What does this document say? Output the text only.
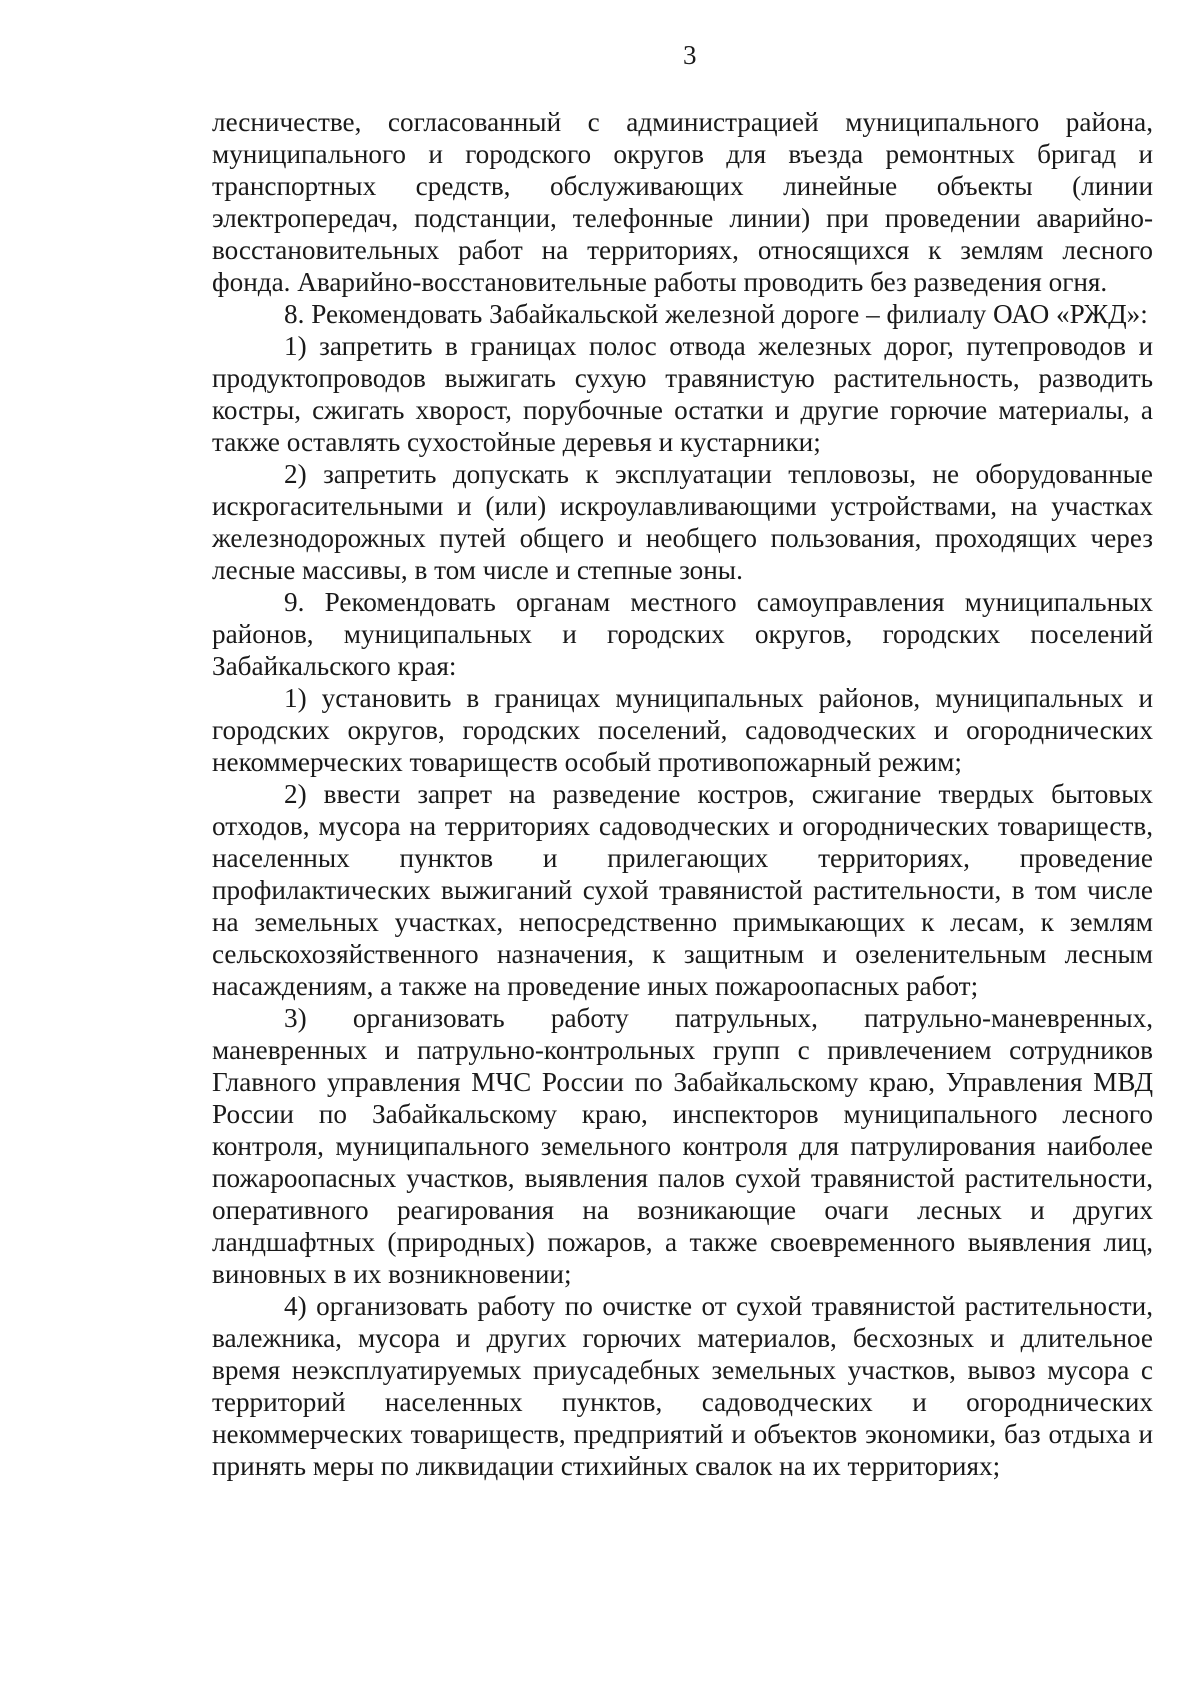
3

лесничестве, согласованный с администрацией муниципального района, муниципального и городского округов для въезда ремонтных бригад и транспортных средств, обслуживающих линейные объекты (линии электропередач, подстанции, телефонные линии) при проведении аварийно-восстановительных работ на территориях, относящихся к землям лесного фонда. Аварийно-восстановительные работы проводить без разведения огня.

8. Рекомендовать Забайкальской железной дороге – филиалу ОАО «РЖД»:

1) запретить в границах полос отвода железных дорог, путепроводов и продуктопроводов выжигать сухую травянистую растительность, разводить костры, сжигать хворост, порубочные остатки и другие горючие материалы, а также оставлять сухостойные деревья и кустарники;

2) запретить допускать к эксплуатации тепловозы, не оборудованные искрогасительными и (или) искроулавливающими устройствами, на участках железнодорожных путей общего и необщего пользования, проходящих через лесные массивы, в том числе и степные зоны.

9. Рекомендовать органам местного самоуправления муниципальных районов, муниципальных и городских округов, городских поселений Забайкальского края:

1) установить в границах муниципальных районов, муниципальных и городских округов, городских поселений, садоводческих и огороднических некоммерческих товариществ особый противопожарный режим;

2) ввести запрет на разведение костров, сжигание твердых бытовых отходов, мусора на территориях садоводческих и огороднических товариществ, населенных пунктов и прилегающих территориях, проведение профилактических выжиганий сухой травянистой растительности, в том числе на земельных участках, непосредственно примыкающих к лесам, к землям сельскохозяйственного назначения, к защитным и озеленительным лесным насаждениям, а также на проведение иных пожароопасных работ;

3) организовать работу патрульных, патрульно-маневренных, маневренных и патрульно-контрольных групп с привлечением сотрудников Главного управления МЧС России по Забайкальскому краю, Управления МВД России по Забайкальскому краю, инспекторов муниципального лесного контроля, муниципального земельного контроля для патрулирования наиболее пожароопасных участков, выявления палов сухой травянистой растительности, оперативного реагирования на возникающие очаги лесных и других ландшафтных (природных) пожаров, а также своевременного выявления лиц, виновных в их возникновении;

4) организовать работу по очистке от сухой травянистой растительности, валежника, мусора и других горючих материалов, бесхозных и длительное время неэксплуатируемых приусадебных земельных участков, вывоз мусора с территорий населенных пунктов, садоводческих и огороднических некоммерческих товариществ, предприятий и объектов экономики, баз отдыха и принять меры по ликвидации стихийных свалок на их территориях;
